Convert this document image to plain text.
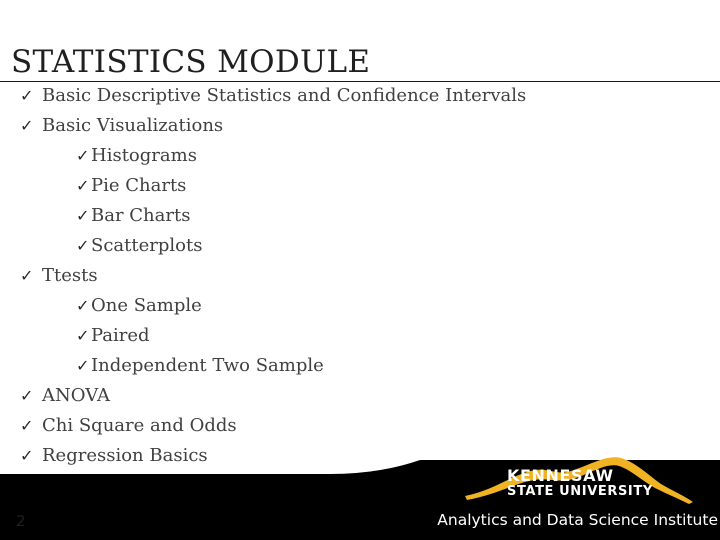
STATISTICS MODULE
✓ Basic Descriptive Statistics and Confidence Intervals
✓ Basic Visualizations
✓Histograms
✓Pie Charts
✓Bar Charts
✓Scatterplots
✓ Ttests
✓One Sample
✓Paired
✓Independent Two Sample
✓ ANOVA
✓ Chi Square and Odds
✓ Regression Basics
2
KENNESAW
STATE UNIVERSITY
Analytics and Data Science Institute
